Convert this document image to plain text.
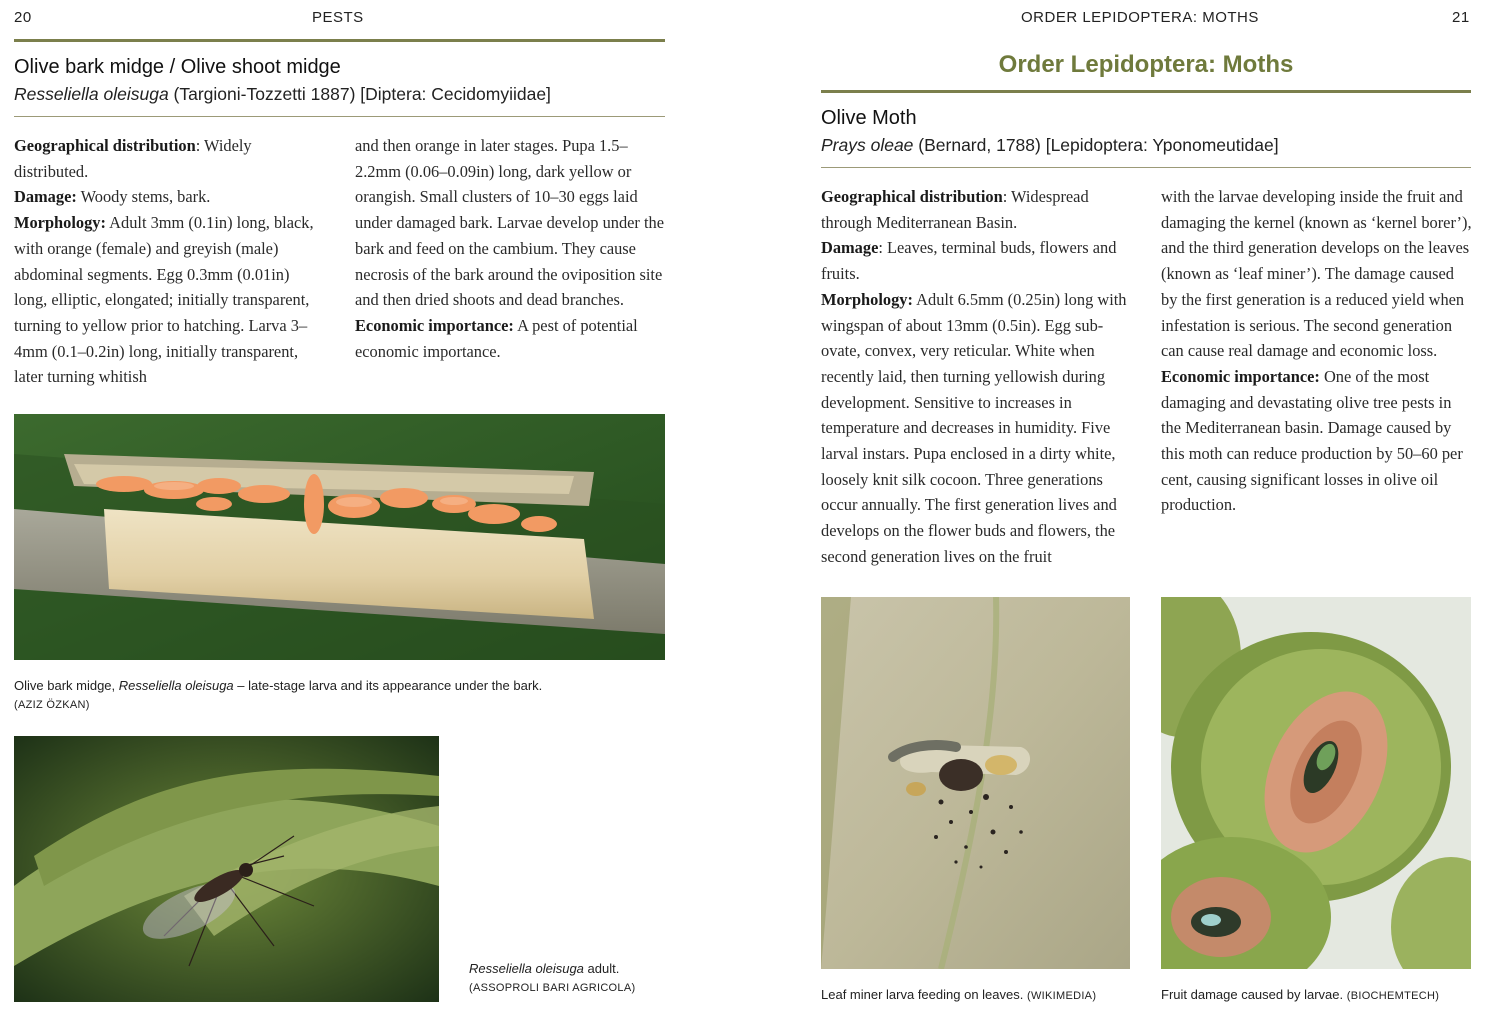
20	PESTS
Olive bark midge / Olive shoot midge
Resseliella oleisuga (Targioni-Tozzetti 1887) [Diptera: Cecidomyiidae]

Geographical distribution: Widely distributed.

Damage: Woody stems, bark.

Morphology: Adult 3mm (0.1in) long, black, with orange (female) and greyish (male) abdominal segments. Egg 0.3mm (0.01in) long, elliptic, elongated; initially transparent, turning to yellow prior to hatching. Larva 3–4mm (0.1–0.2in) long, initially transparent, later turning whitish

and then orange in later stages. Pupa 1.5–2.2mm (0.06–0.09in) long, dark yellow or orangish. Small clusters of 10–30 eggs laid under damaged bark. Larvae develop under the bark and feed on the cambium. They cause necrosis of the bark around the oviposition site and then dried shoots and dead branches.

Economic importance: A pest of potential economic importance.

Olive bark midge, Resseliella oleisuga – late-stage larva and its appearance under the bark.
(AZIZ ÖZKAN)
Resseliella oleisuga adult.
(ASSOPROLI BARI AGRICOLA)
ORDER LEPIDOPTERA: MOTHS	21
Order Lepidoptera: Moths
Olive Moth
Prays oleae (Bernard, 1788) [Lepidoptera: Yponomeutidae]

Geographical distribution: Widespread through Mediterranean Basin.

Damage: Leaves, terminal buds, flowers and fruits.

Morphology: Adult 6.5mm (0.25in) long with wingspan of about 13mm (0.5in). Egg sub-ovate, convex, very reticular. White when recently laid, then turning yellowish during development. Sensitive to increases in temperature and decreases in humidity. Five larval instars. Pupa enclosed in a dirty white, loosely knit silk cocoon. Three generations occur annually. The first generation lives and develops on the flower buds and flowers, the second generation lives on the fruit

with the larvae developing inside the fruit and damaging the kernel (known as ‘kernel borer’), and the third generation develops on the leaves (known as ‘leaf miner’). The damage caused by the first generation is a reduced yield when infestation is serious. The second generation can cause real damage and economic loss.

Economic importance: One of the most damaging and devastating olive tree pests in the Mediterranean basin. Damage caused by this moth can reduce production by 50–60 per cent, causing significant losses in olive oil production.

Leaf miner larva feeding on leaves. (WIKIMEDIA)	Fruit damage caused by larvae. (BIOCHEMTECH)
